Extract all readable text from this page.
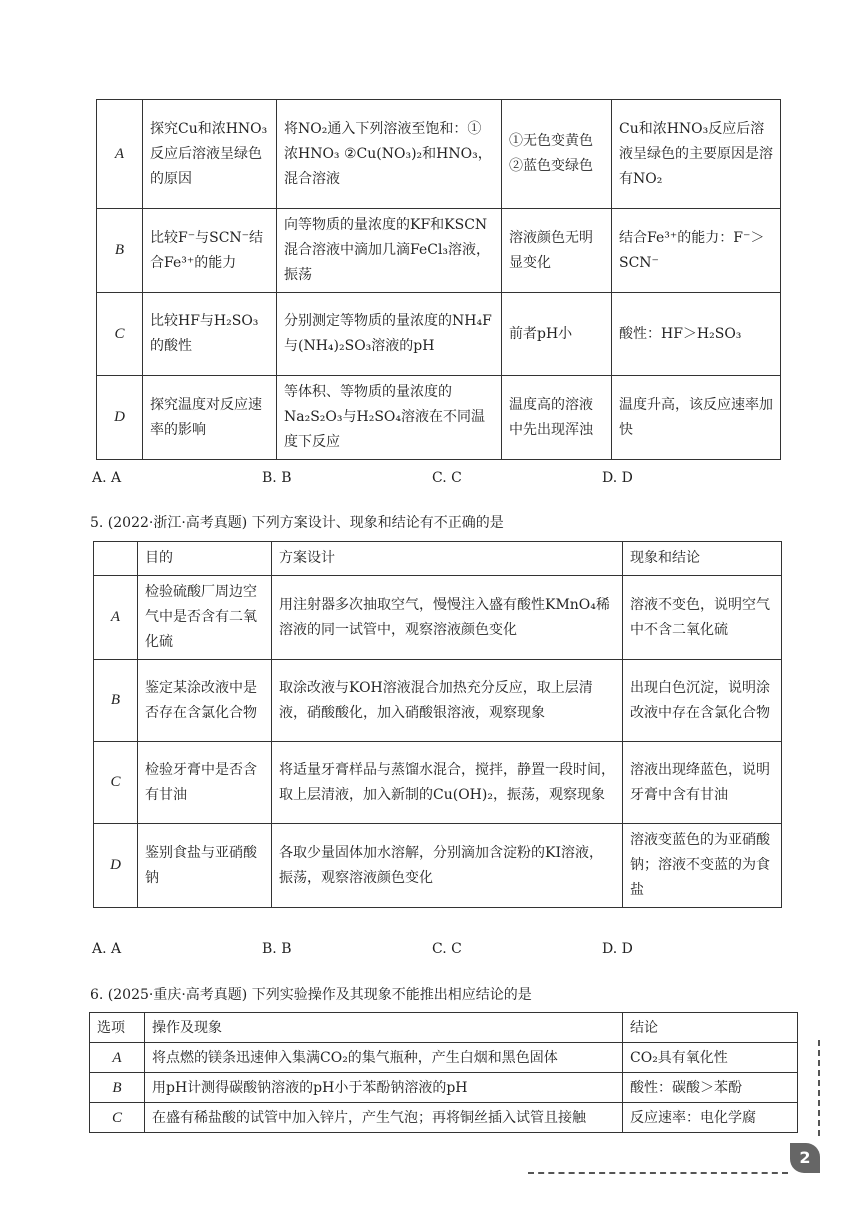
A	探究Cu和浓HNO₃反应后溶液呈绿色的原因	将NO₂通入下列溶液至饱和：①浓HNO₃ ②Cu(NO₃)₂和HNO₃，混合溶液	①无色变黄色 ②蓝色变绿色	Cu和浓HNO₃反应后溶液呈绿色的主要原因是溶有NO₂
B	比较F⁻与SCN⁻结合Fe³⁺的能力	向等物质的量浓度的KF和KSCN混合溶液中滴加几滴FeCl₃溶液，振荡	溶液颜色无明显变化	结合Fe³⁺的能力：F⁻＞SCN⁻
C	比较HF与H₂SO₃的酸性	分别测定等物质的量浓度的NH₄F与(NH₄)₂SO₃溶液的pH	前者pH小	酸性：HF＞H₂SO₃
D	探究温度对反应速率的影响	等体积、等物质的量浓度的Na₂S₂O₃与H₂SO₄溶液在不同温度下反应	温度高的溶液中先出现浑浊	温度升高，该反应速率加快
A. A	B. B	C. C	D. D
5. (2022·浙江·高考真题) 下列方案设计、现象和结论有不正确的是
	目的	方案设计	现象和结论
A	检验硫酸厂周边空气中是否含有二氧化硫	用注射器多次抽取空气，慢慢注入盛有酸性KMnO₄稀溶液的同一试管中，观察溶液颜色变化	溶液不变色，说明空气中不含二氧化硫
B	鉴定某涂改液中是否存在含氯化合物	取涂改液与KOH溶液混合加热充分反应，取上层清液，硝酸酸化，加入硝酸银溶液，观察现象	出现白色沉淀，说明涂改液中存在含氯化合物
C	检验牙膏中是否含有甘油	将适量牙膏样品与蒸馏水混合，搅拌，静置一段时间，取上层清液，加入新制的Cu(OH)₂，振荡，观察现象	溶液出现绛蓝色，说明牙膏中含有甘油
D	鉴别食盐与亚硝酸钠	各取少量固体加水溶解，分别滴加含淀粉的KI溶液，振荡，观察溶液颜色变化	溶液变蓝色的为亚硝酸钠；溶液不变蓝的为食盐
A. A	B. B	C. C	D. D
6. (2025·重庆·高考真题) 下列实验操作及其现象不能推出相应结论的是
选项	操作及现象	结论
A	将点燃的镁条迅速伸入集满CO₂的集气瓶种，产生白烟和黑色固体	CO₂具有氧化性
B	用pH计测得碳酸钠溶液的pH小于苯酚钠溶液的pH	酸性：碳酸＞苯酚
C	在盛有稀盐酸的试管中加入锌片，产生气泡；再将铜丝插入试管且接触	反应速率：电化学腐
2
